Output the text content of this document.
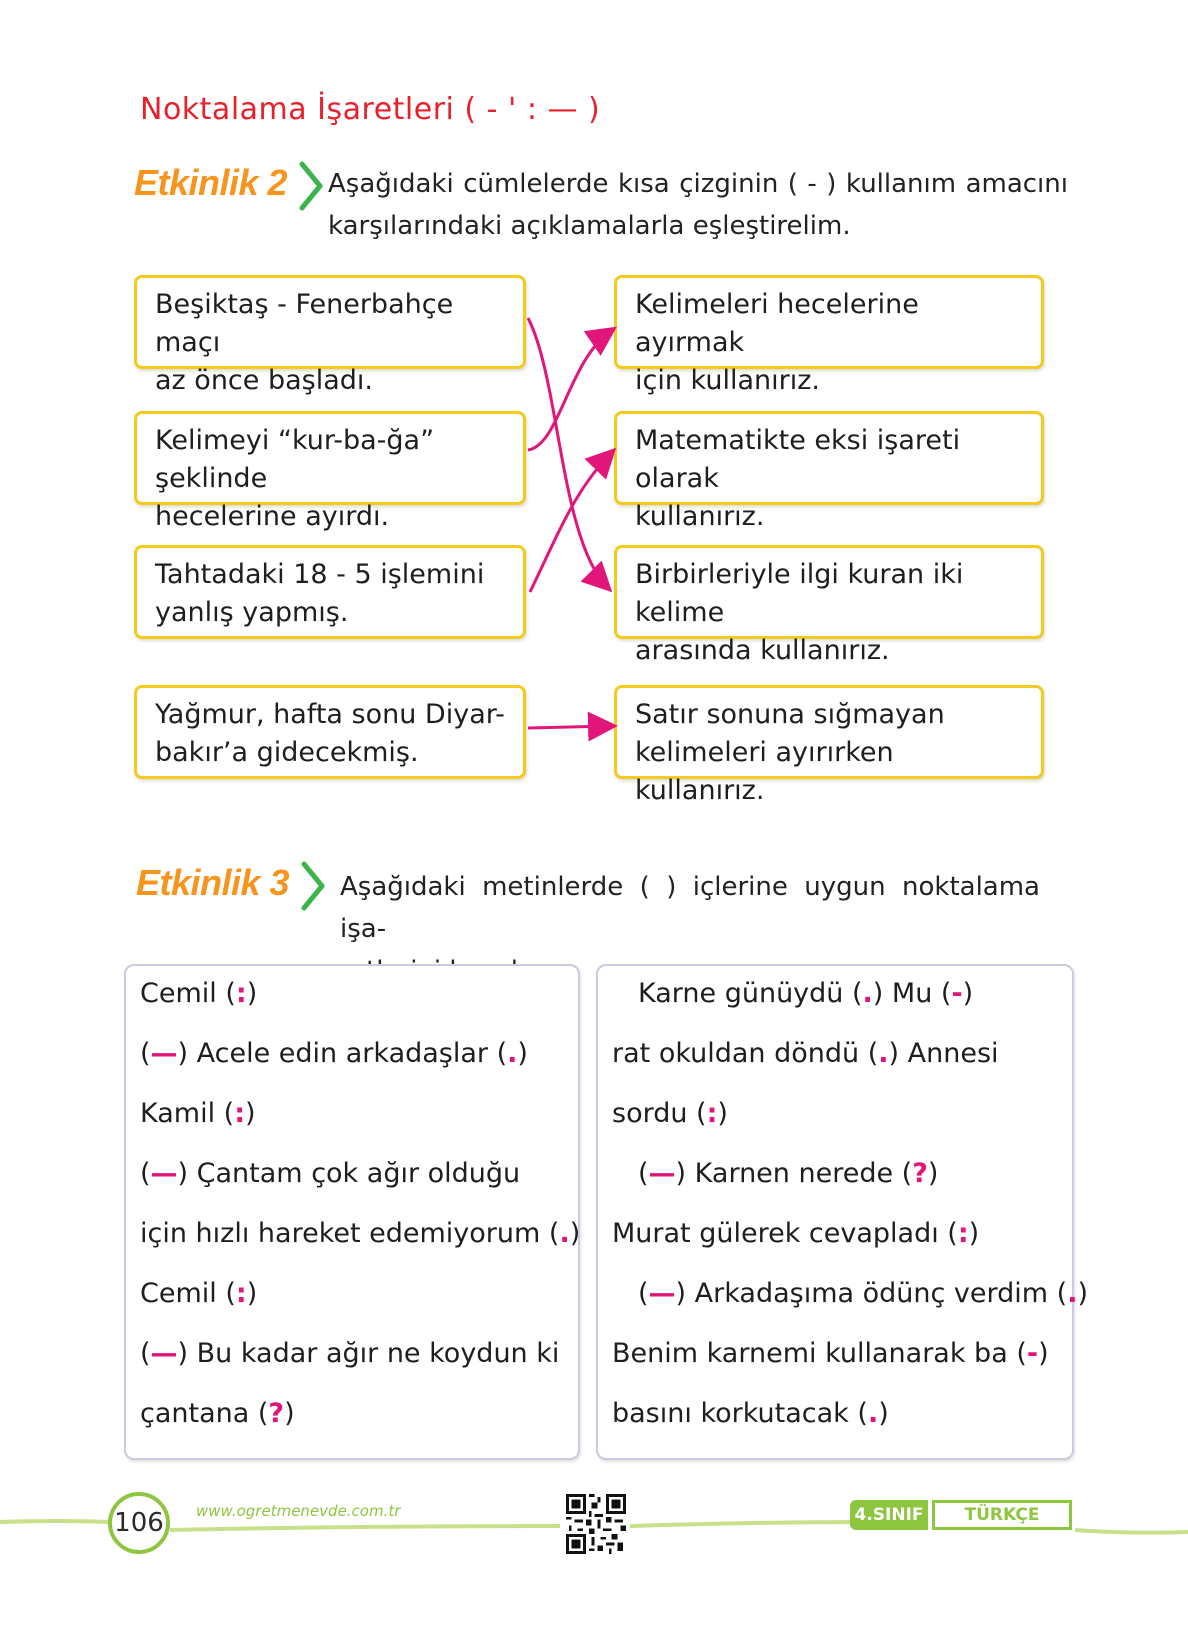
Noktalama İşaretleri ( - ' : — )
Etkinlik 2 Aşağıdaki cümlelerde kısa çizginin ( - ) kullanım amacını
karşılarındaki açıklamalarla eşleştirelim.
Beşiktaş - Fenerbahçe maçı
az önce başladı.
Kelimeyi “kur-ba-ğa” şeklinde
hecelerine ayırdı.
Tahtadaki 18 - 5 işlemini
yanlış yapmış.
Yağmur, hafta sonu Diyar-
bakır’a gidecekmiş.
Kelimeleri hecelerine ayırmak
için kullanırız.
Matematikte eksi işareti olarak
kullanırız.
Birbirleriyle ilgi kuran iki kelime
arasında kullanırız.
Satır sonuna sığmayan
kelimeleri ayırırken kullanırız.
Etkinlik 3 Aşağıdaki metinlerde ( ) içlerine uygun noktalama işa-
Cemil (:)
(—) Acele edin arkadaşlar (.)
Kamil (:)
(—) Çantam çok ağır olduğu
için hızlı hareket edemiyorum (.)
Cemil (:)
(—) Bu kadar ağır ne koydun ki
çantana (?)
Karne günüydü (.) Mu (-)
rat okuldan döndü (.) Annesi
sordu (:)
(—) Karnen nerede (?)
Murat gülerek cevapladı (:)
(—) Arkadaşıma ödünç verdim (.)
Benim karnemi kullanarak ba (-)
basını korkutacak (.)
106 www.ogretmenevde.com.tr	4.SINIF TÜRKÇE
